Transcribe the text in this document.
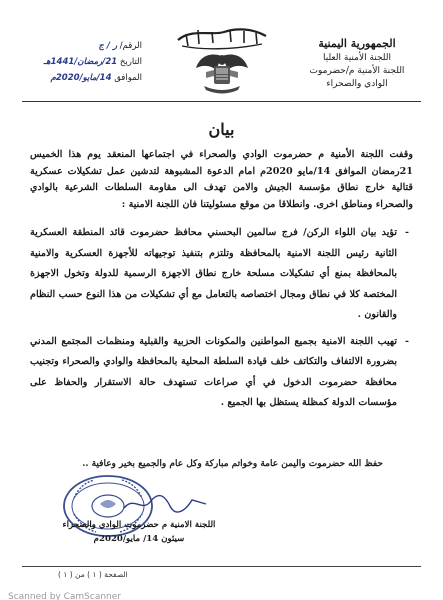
الجمهورية اليمنية
اللجنة الأمنية العليا
اللجنة الأمنية م/حضرموت
الوادي والصحراء
الرقم/ ر / ج
التاريخ 21/رمضان/1441هـ
الموافق 14/مايو/2020م
بيان

وقفت اللجنة الأمنية م حضرموت الوادي والصحراء في اجتماعها المنعقد يوم هذا الخميس 21رمضان الموافق 14/مايو 2020م امام الدعوة المشبوهة لتدشين عمل تشكيلات عسكرية قتالية خارج نطاق مؤسسة الجيش والامن تهدف الى مقاومة السلطات الشرعية بالوادي والصحراء ومناطق اخرى. وانطلاقا من موقع مسئوليتنا فان اللجنة الامنية :

-
تؤيد بيان اللواء الركن/ فرج سالمين البحسني محافظ حضرموت قائد المنطقة العسكرية الثانية رئيس اللجنة الامنية بالمحافظة وتلتزم بتنفيذ توجيهاته للأجهزة العسكرية والامنية بالمحافظة بمنع أي تشكيلات مسلحة خارج نطاق الاجهزة الرسمية للدولة وتخول الاجهزة المختصة كلا في نطاق ومجال اختصاصه بالتعامل مع أي تشكيلات من هذا النوع حسب النظام والقانون .
-
تهيب اللجنة الامنية بجميع المواطنين والمكونات الحزبية والقبلية ومنظمات المجتمع المدني بضرورة الالتفاف والتكاتف خلف قيادة السلطة المحلية بالمحافظة والوادي والصحراء وتجنيب محافظة حضرموت الدخول في أي صراعات تستهدف حالة الاستقرار والحفاظ على مؤسسات الدولة كمظلة يستظل بها الجميع .
حفظ الله حضرموت واليمن عامة وخواتم مباركة وكل عام والجميع بخير وعافية ..
اللجنة الامنية م حضرموت الوادي والصحراء
سيئون 14/ مايو/2020م
الصفحة ( ١ ) من ( ١ )
Scanned by CamScanner
